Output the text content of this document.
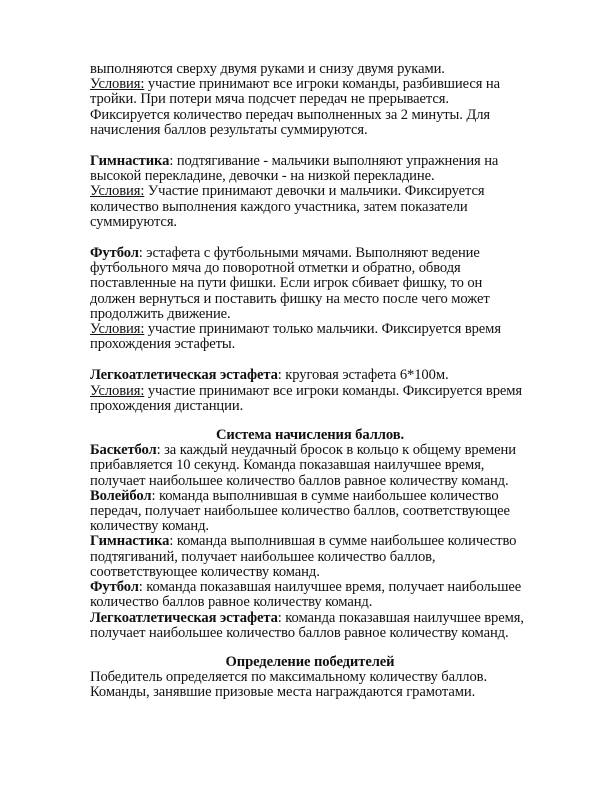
выполняются сверху двумя руками и снизу двумя руками.

Условия: участие принимают все игроки команды, разбившиеся на тройки. При потери мяча подсчет передач не прерывается. Фиксируется количество передач выполненных за 2 минуты. Для начисления баллов результаты суммируются.

Гимнастика: подтягивание - мальчики выполняют упражнения на высокой перекладине, девочки - на низкой перекладине.

Условия: Участие принимают девочки и мальчики. Фиксируется количество выполнения каждого участника, затем показатели суммируются.

Футбол: эстафета с футбольными мячами. Выполняют ведение футбольного мяча до поворотной отметки и обратно, обводя поставленные на пути фишки. Если игрок сбивает фишку, то он должен вернуться и поставить фишку на место после чего может продолжить движение.

Условия: участие принимают только мальчики. Фиксируется время прохождения эстафеты.

Легкоатлетическая эстафета: круговая эстафета 6*100м.

Условия: участие принимают все игроки команды. Фиксируется время прохождения дистанции.

Система начисления баллов.

Баскетбол: за каждый неудачный бросок в кольцо к общему времени прибавляется 10 секунд. Команда показавшая наилучшее время, получает наибольшее количество баллов равное количеству команд.

Волейбол: команда выполнившая в сумме наибольшее количество передач, получает наибольшее количество баллов, соответствующее количеству команд.

Гимнастика: команда выполнившая в сумме наибольшее количество подтягиваний, получает наибольшее количество баллов, соответствующее количеству команд.

Футбол: команда показавшая наилучшее время, получает наибольшее количество баллов равное количеству команд.

Легкоатлетическая эстафета: команда показавшая наилучшее время, получает наибольшее количество баллов равное количеству команд.

Определение победителей

Победитель определяется по максимальному количеству баллов. Команды, занявшие призовые места награждаются грамотами.
